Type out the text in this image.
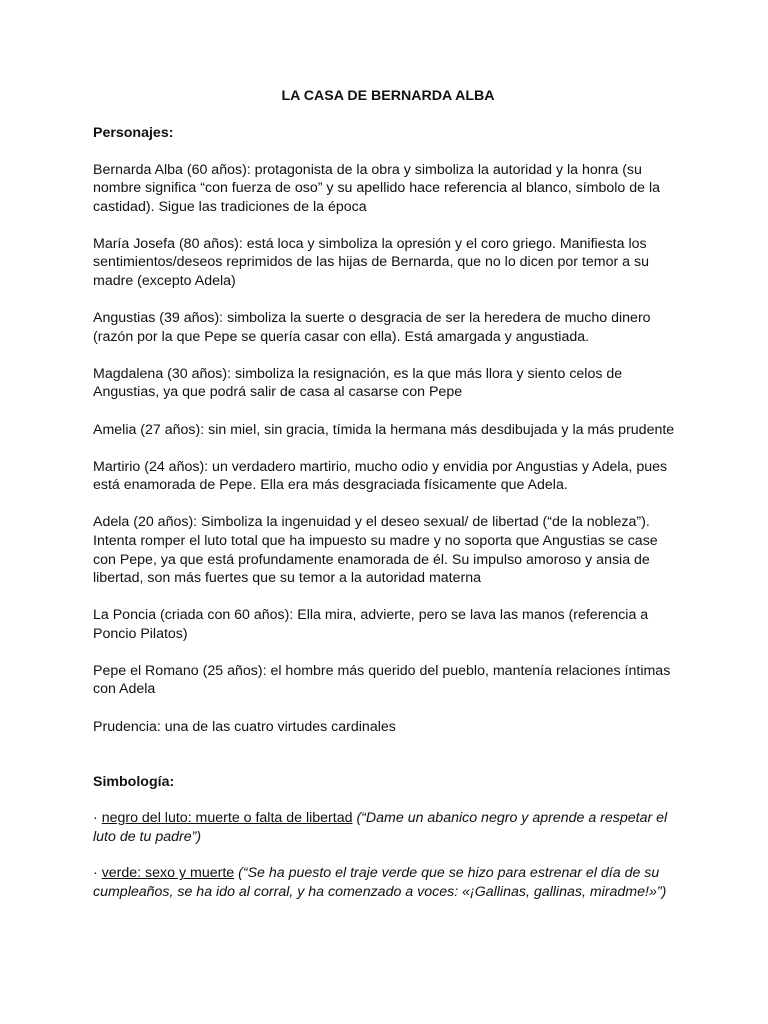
LA CASA DE BERNARDA ALBA
Personajes:
Bernarda Alba (60 años): protagonista de la obra y simboliza la autoridad y la honra (su nombre significa “con fuerza de oso” y su apellido hace referencia al blanco, símbolo de la castidad). Sigue las tradiciones de la época
María Josefa (80 años): está loca y simboliza la opresión y el coro griego. Manifiesta los sentimientos/deseos reprimidos de las hijas de Bernarda, que no lo dicen por temor a su madre (excepto Adela)
Angustias (39 años): simboliza la suerte o desgracia de ser la heredera de mucho dinero (razón por la que Pepe se quería casar con ella). Está amargada y angustiada.
Magdalena (30 años): simboliza la resignación, es la que más llora y siento celos de Angustias, ya que podrá salir de casa al casarse con Pepe
Amelia (27 años): sin miel, sin gracia, tímida la hermana más desdibujada y la más prudente
Martirio (24 años): un verdadero martirio, mucho odio y envidia por Angustias y Adela, pues está enamorada de Pepe. Ella era más desgraciada físicamente que Adela.
Adela (20 años): Simboliza la ingenuidad y el deseo sexual/ de libertad (“de la nobleza”). Intenta romper el luto total que ha impuesto su madre y no soporta que Angustias se case con Pepe, ya que está profundamente enamorada de él. Su impulso amoroso y ansia de libertad, son más fuertes que su temor a la autoridad materna
La Poncia (criada con 60 años): Ella mira, advierte, pero se lava las manos (referencia a Poncio Pilatos)
Pepe el Romano (25 años): el hombre más querido del pueblo, mantenía relaciones íntimas con Adela
Prudencia: una de las cuatro virtudes cardinales
Simbología:
· negro del luto: muerte o falta de libertad (“Dame un abanico negro y aprende a respetar el luto de tu padre”)
· verde: sexo y muerte (“Se ha puesto el traje verde que se hizo para estrenar el día de su cumpleaños, se ha ido al corral, y ha comenzado a voces: «¡Gallinas, gallinas, miradme!»”)
